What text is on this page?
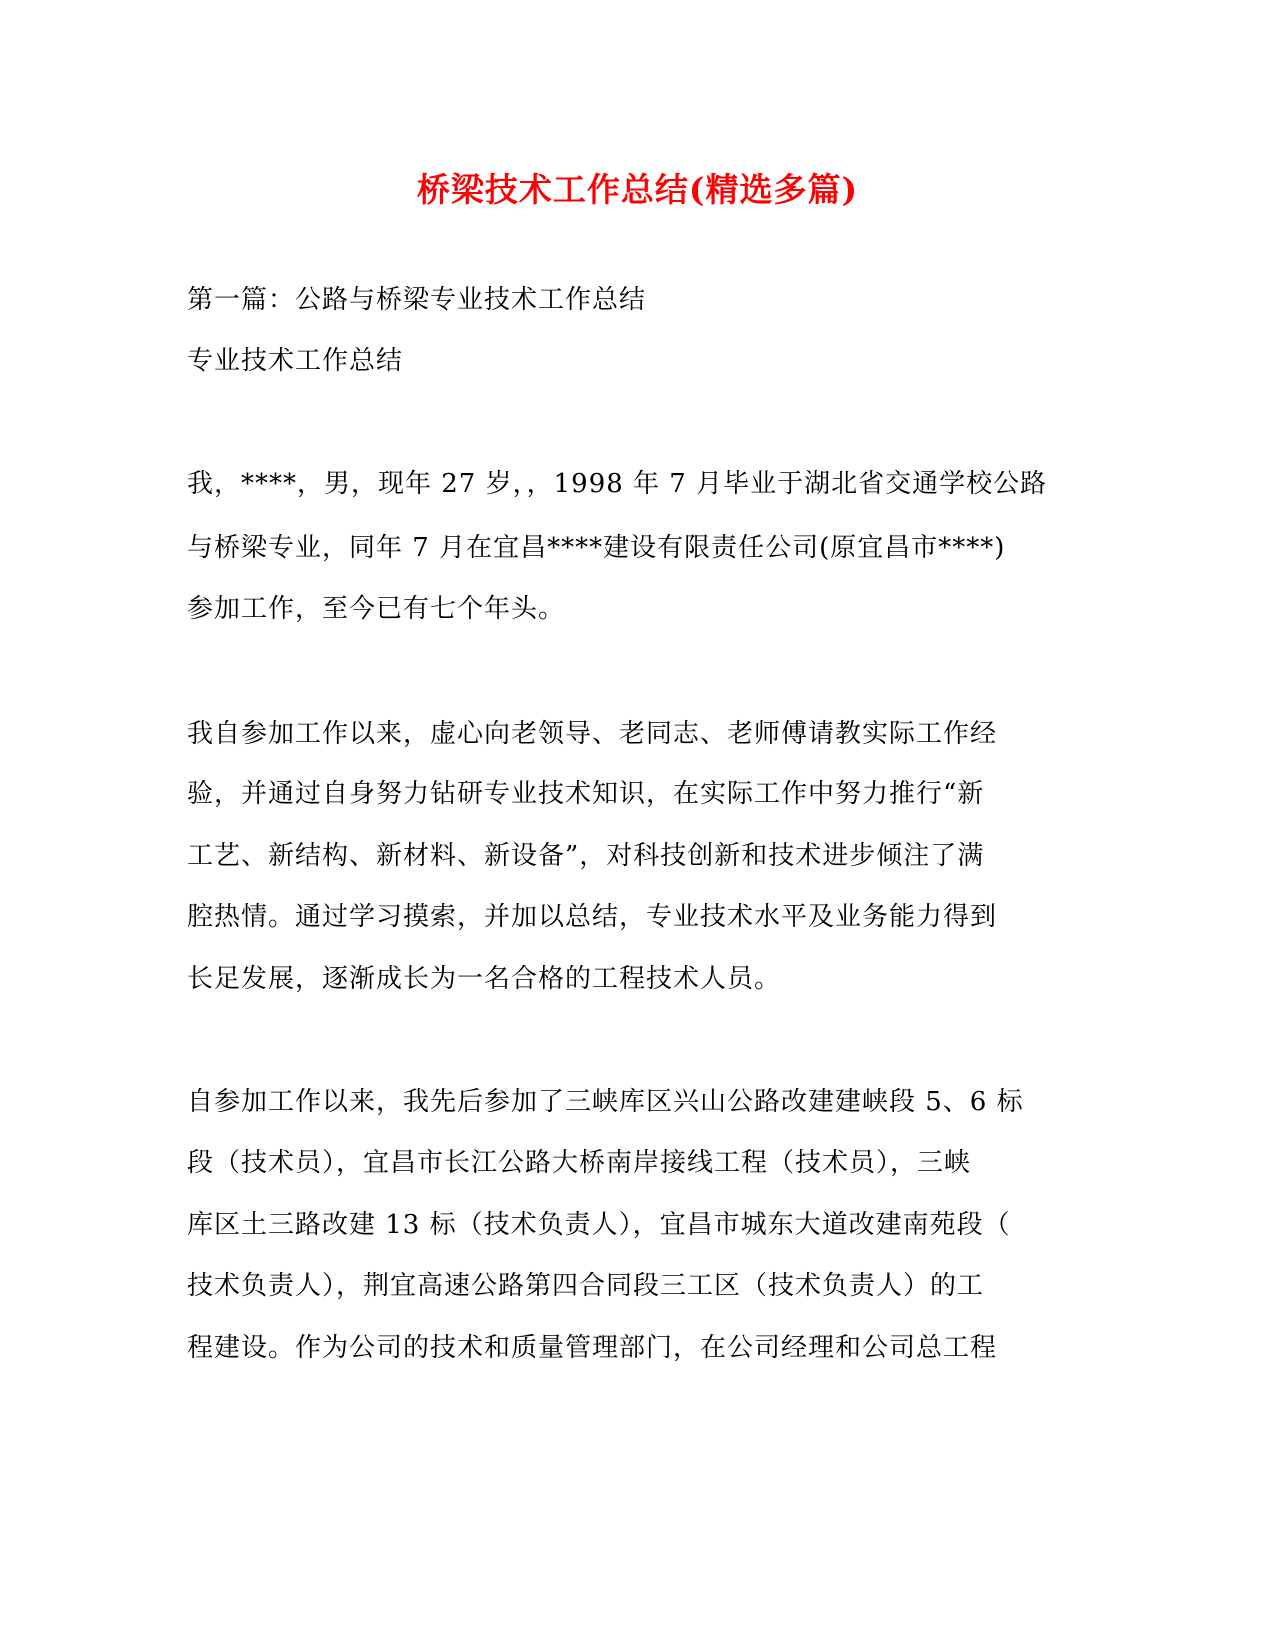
桥梁技术工作总结(精选多篇)
第一篇：公路与桥梁专业技术工作总结
专业技术工作总结
我，****，男，现年 27 岁，，1998 年 7 月毕业于湖北省交通学校公路
与桥梁专业，同年 7 月在宜昌****建设有限责任公司(原宜昌市****)
参加工作，至今已有七个年头。
我自参加工作以来，虚心向老领导、老同志、老师傅请教实际工作经
验，并通过自身努力钻研专业技术知识，在实际工作中努力推行“新
工艺、新结构、新材料、新设备”，对科技创新和技术进步倾注了满
腔热情。通过学习摸索，并加以总结，专业技术水平及业务能力得到
长足发展，逐渐成长为一名合格的工程技术人员。
自参加工作以来，我先后参加了三峡库区兴山公路改建建峡段 5、6 标
段（技术员），宜昌市长江公路大桥南岸接线工程（技术员），三峡
库区土三路改建 13 标（技术负责人），宜昌市城东大道改建南苑段（
技术负责人），荆宜高速公路第四合同段三工区（技术负责人）的工
程建设。作为公司的技术和质量管理部门，在公司经理和公司总工程
